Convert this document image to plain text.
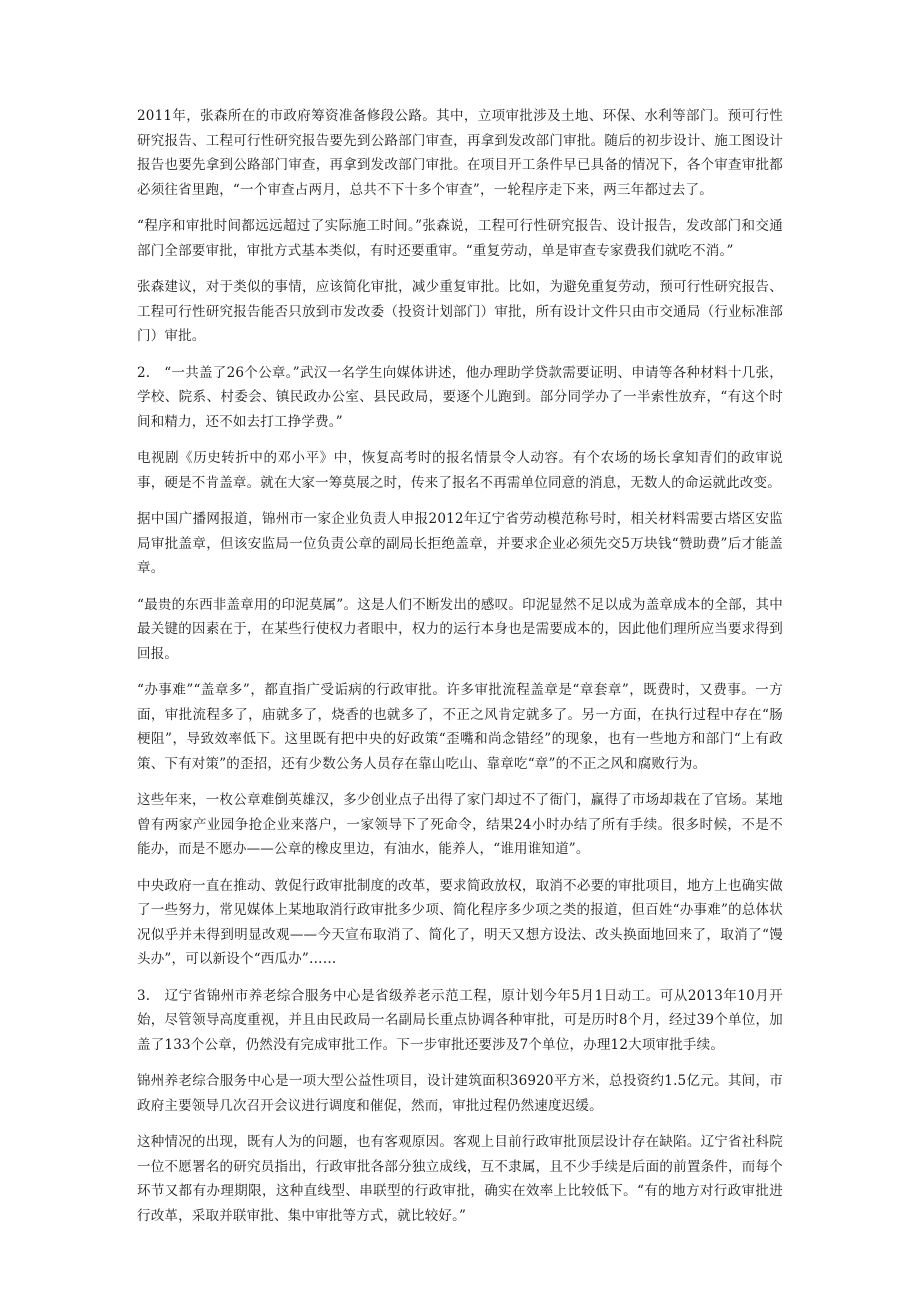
2011年，张森所在的市政府筹资准备修段公路。其中，立项审批涉及土地、环保、水利等部门。预可行性研究报告、工程可行性研究报告要先到公路部门审查，再拿到发改部门审批。随后的初步设计、施工图设计报告也要先拿到公路部门审查，再拿到发改部门审批。在项目开工条件早已具备的情况下，各个审查审批都必须往省里跑，“一个审查占两月，总共不下十多个审查”，一轮程序走下来，两三年都过去了。

“程序和审批时间都远远超过了实际施工时间。”张森说，工程可行性研究报告、设计报告，发改部门和交通部门全部要审批，审批方式基本类似，有时还要重审。“重复劳动，单是审查专家费我们就吃不消。”

张森建议，对于类似的事情，应该简化审批，减少重复审批。比如，为避免重复劳动，预可行性研究报告、工程可行性研究报告能否只放到市发改委（投资计划部门）审批，所有设计文件只由市交通局（行业标准部门）审批。

2.　“一共盖了26个公章。”武汉一名学生向媒体讲述，他办理助学贷款需要证明、申请等各种材料十几张，学校、院系、村委会、镇民政办公室、县民政局，要逐个儿跑到。部分同学办了一半索性放弃，“有这个时间和精力，还不如去打工挣学费。”

电视剧《历史转折中的邓小平》中，恢复高考时的报名情景令人动容。有个农场的场长拿知青们的政审说事，硬是不肯盖章。就在大家一筹莫展之时，传来了报名不再需单位同意的消息，无数人的命运就此改变。

据中国广播网报道，锦州市一家企业负责人申报2012年辽宁省劳动模范称号时，相关材料需要古塔区安监局审批盖章，但该安监局一位负责公章的副局长拒绝盖章，并要求企业必须先交5万块钱“赞助费”后才能盖章。

“最贵的东西非盖章用的印泥莫属”。这是人们不断发出的感叹。印泥显然不足以成为盖章成本的全部，其中最关键的因素在于，在某些行使权力者眼中，权力的运行本身也是需要成本的，因此他们理所应当要求得到回报。

“办事难”“盖章多”，都直指广受诟病的行政审批。许多审批流程盖章是“章套章”，既费时，又费事。一方面，审批流程多了，庙就多了，烧香的也就多了，不正之风肯定就多了。另一方面，在执行过程中存在“肠梗阻”，导致效率低下。这里既有把中央的好政策“歪嘴和尚念错经”的现象，也有一些地方和部门“上有政策、下有对策”的歪招，还有少数公务人员存在靠山吃山、靠章吃“章”的不正之风和腐败行为。

这些年来，一枚公章难倒英雄汉，多少创业点子出得了家门却过不了衙门，赢得了市场却栽在了官场。某地曾有两家产业园争抢企业来落户，一家领导下了死命令，结果24小时办结了所有手续。很多时候，不是不能办，而是不愿办——公章的橡皮里边，有油水，能养人，“谁用谁知道”。

中央政府一直在推动、敦促行政审批制度的改革，要求简政放权，取消不必要的审批项目，地方上也确实做了一些努力，常见媒体上某地取消行政审批多少项、简化程序多少项之类的报道，但百姓“办事难”的总体状况似乎并未得到明显改观——今天宣布取消了、简化了，明天又想方设法、改头换面地回来了，取消了“馒头办”，可以新设个“西瓜办”……

3.　辽宁省锦州市养老综合服务中心是省级养老示范工程，原计划今年5月1日动工。可从2013年10月开始，尽管领导高度重视，并且由民政局一名副局长重点协调各种审批，可是历时8个月，经过39个单位，加盖了133个公章，仍然没有完成审批工作。下一步审批还要涉及7个单位，办理12大项审批手续。

锦州养老综合服务中心是一项大型公益性项目，设计建筑面积36920平方米，总投资约1.5亿元。其间，市政府主要领导几次召开会议进行调度和催促，然而，审批过程仍然速度迟缓。

这种情况的出现，既有人为的问题，也有客观原因。客观上目前行政审批顶层设计存在缺陷。辽宁省社科院一位不愿署名的研究员指出，行政审批各部分独立成线，互不隶属，且不少手续是后面的前置条件，而每个环节又都有办理期限，这种直线型、串联型的行政审批，确实在效率上比较低下。“有的地方对行政审批进行改革，采取并联审批、集中审批等方式，就比较好。”
